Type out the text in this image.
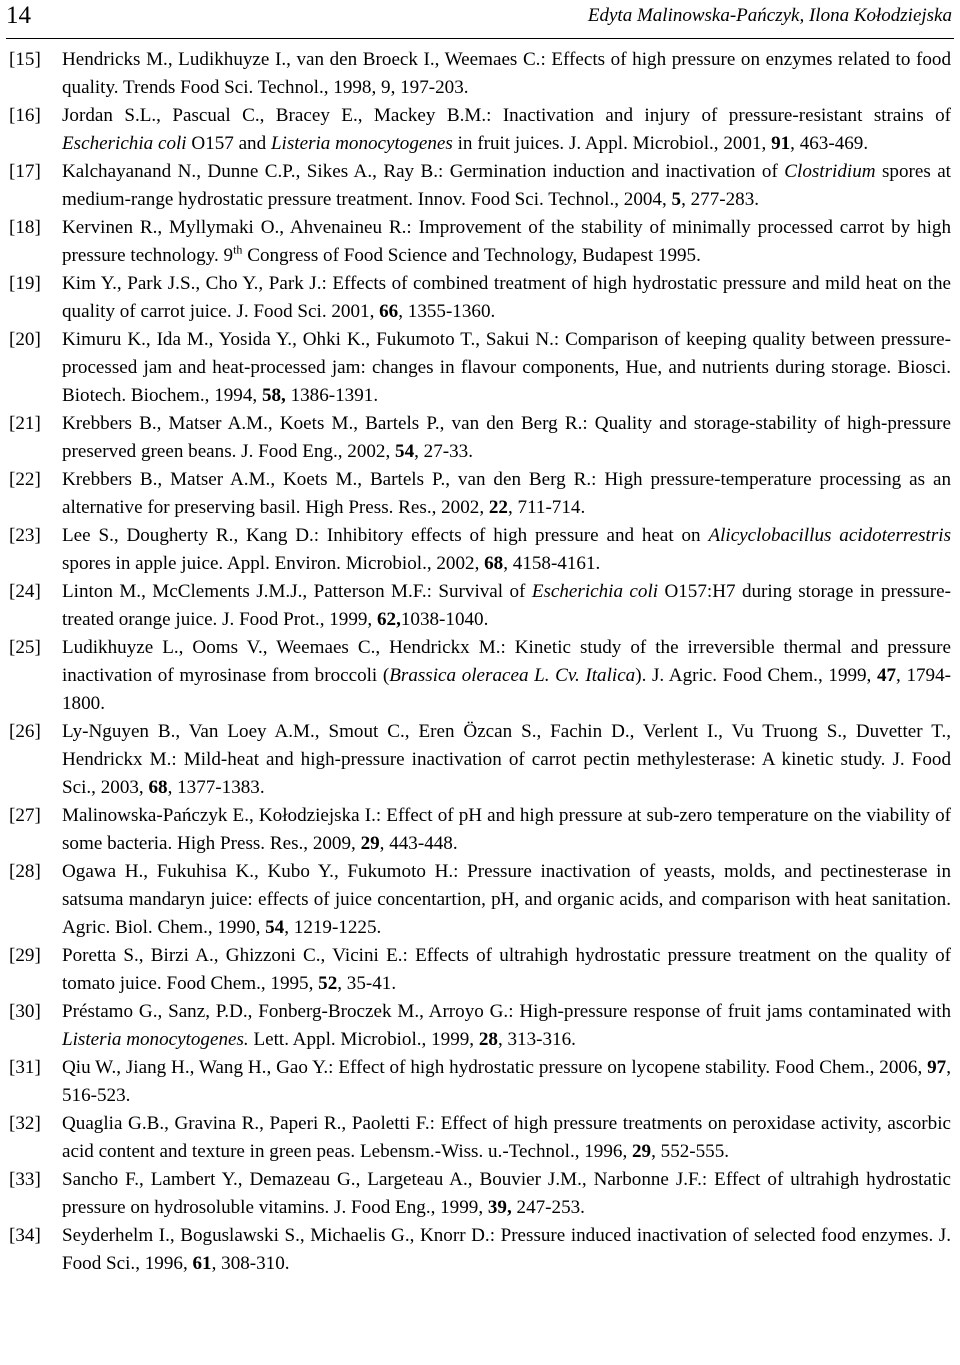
14	Edyta Malinowska-Pańczyk, Ilona Kołodziejska
[15] Hendricks M., Ludikhuyze I., van den Broeck I., Weemaes C.: Effects of high pressure on enzymes related to food quality. Trends Food Sci. Technol., 1998, 9, 197-203.
[16] Jordan S.L., Pascual C., Bracey E., Mackey B.M.: Inactivation and injury of pressure-resistant strains of Escherichia coli O157 and Listeria monocytogenes in fruit juices. J. Appl. Microbiol., 2001, 91, 463-469.
[17] Kalchayanand N., Dunne C.P., Sikes A., Ray B.: Germination induction and inactivation of Clostridium spores at medium-range hydrostatic pressure treatment. Innov. Food Sci. Technol., 2004, 5, 277-283.
[18] Kervinen R., Myllymaki O., Ahvenaineu R.: Improvement of the stability of minimally processed carrot by high pressure technology. 9th Congress of Food Science and Technology, Budapest 1995.
[19] Kim Y., Park J.S., Cho Y., Park J.: Effects of combined treatment of high hydrostatic pressure and mild heat on the quality of carrot juice. J. Food Sci. 2001, 66, 1355-1360.
[20] Kimuru K., Ida M., Yosida Y., Ohki K., Fukumoto T., Sakui N.: Comparison of keeping quality between pressure-processed jam and heat-processed jam: changes in flavour components, Hue, and nutrients during storage. Biosci. Biotech. Biochem., 1994, 58, 1386-1391.
[21] Krebbers B., Matser A.M., Koets M., Bartels P., van den Berg R.: Quality and storage-stability of high-pressure preserved green beans. J. Food Eng., 2002, 54, 27-33.
[22] Krebbers B., Matser A.M., Koets M., Bartels P., van den Berg R.: High pressure-temperature processing as an alternative for preserving basil. High Press. Res., 2002, 22, 711-714.
[23] Lee S., Dougherty R., Kang D.: Inhibitory effects of high pressure and heat on Alicyclobacillus acidoterrestris spores in apple juice. Appl. Environ. Microbiol., 2002, 68, 4158-4161.
[24] Linton M., McClements J.M.J., Patterson M.F.: Survival of Escherichia coli O157:H7 during storage in pressure-treated orange juice. J. Food Prot., 1999, 62,1038-1040.
[25] Ludikhuyze L., Ooms V., Weemaes C., Hendrickx M.: Kinetic study of the irreversible thermal and pressure inactivation of myrosinase from broccoli (Brassica oleracea L. Cv. Italica). J. Agric. Food Chem., 1999, 47, 1794-1800.
[26] Ly-Nguyen B., Van Loey A.M., Smout C., Eren Özcan S., Fachin D., Verlent I., Vu Truong S., Duvetter T., Hendrickx M.: Mild-heat and high-pressure inactivation of carrot pectin methylesterase: A kinetic study. J. Food Sci., 2003, 68, 1377-1383.
[27] Malinowska-Pańczyk E., Kołodziejska I.: Effect of pH and high pressure at sub-zero temperature on the viability of some bacteria. High Press. Res., 2009, 29, 443-448.
[28] Ogawa H., Fukuhisa K., Kubo Y., Fukumoto H.: Pressure inactivation of yeasts, molds, and pectinesterase in satsuma mandaryn juice: effects of juice concentartion, pH, and organic acids, and comparison with heat sanitation. Agric. Biol. Chem., 1990, 54, 1219-1225.
[29] Poretta S., Birzi A., Ghizzoni C., Vicini E.: Effects of ultrahigh hydrostatic pressure treatment on the quality of tomato juice. Food Chem., 1995, 52, 35-41.
[30] Préstamo G., Sanz, P.D., Fonberg-Broczek M., Arroyo G.: High-pressure response of fruit jams contaminated with Listeria monocytogenes. Lett. Appl. Microbiol., 1999, 28, 313-316.
[31] Qiu W., Jiang H., Wang H., Gao Y.: Effect of high hydrostatic pressure on lycopene stability. Food Chem., 2006, 97, 516-523.
[32] Quaglia G.B., Gravina R., Paperi R., Paoletti F.: Effect of high pressure treatments on peroxidase activity, ascorbic acid content and texture in green peas. Lebensm.-Wiss. u.-Technol., 1996, 29, 552-555.
[33] Sancho F., Lambert Y., Demazeau G., Largeteau A., Bouvier J.M., Narbonne J.F.: Effect of ultrahigh hydrostatic pressure on hydrosoluble vitamins. J. Food Eng., 1999, 39, 247-253.
[34] Seyderhelm I., Boguslawski S., Michaelis G., Knorr D.: Pressure induced inactivation of selected food enzymes. J. Food Sci., 1996, 61, 308-310.
